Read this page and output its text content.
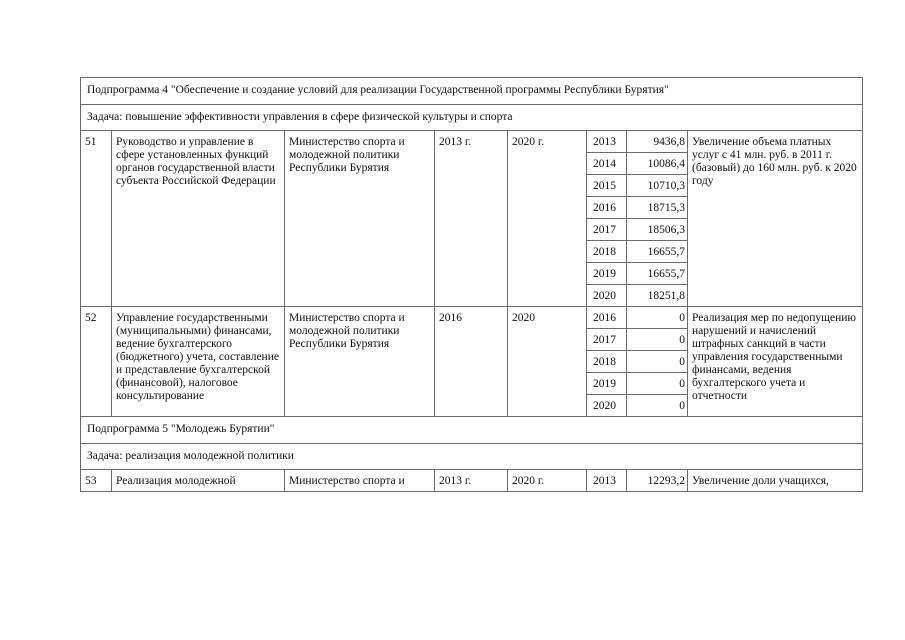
Подпрограмма 4 "Обеспечение и создание условий для реализации Государственной программы Республики Бурятия"							
Задача: повышение эффективности управления в сфере физической культуры и спорта							
51	Руководство и управление в сфере установленных функций органов государственной власти субъекта Российской Федерации	Министерство спорта и молодежной политики Республики Бурятия	2013 г.	2020 г.	2013	9436,8	Увеличение объема платных услуг с 41 млн. руб. в 2011 г. (базовый) до 160 млн. руб. к 2020 году
					2014	10086,4	
					2015	10710,3	
					2016	18715,3	
					2017	18506,3	
					2018	16655,7	
					2019	16655,7	
					2020	18251,8	
52	Управление государственными (муниципальными) финансами, ведение бухгалтерского (бюджетного) учета, составление и представление бухгалтерской (финансовой), налоговое консультирование	Министерство спорта и молодежной политики Республики Бурятия	2016	2020	2016	0	Реализация мер по недопущению нарушений и начислений штрафных санкций в части управления государственными финансами, ведения бухгалтерского учета и отчетности
					2017	0	
					2018	0	
					2019	0	
					2020	0	
Подпрограмма 5 "Молодежь Бурятии"							
Задача: реализация молодежной политики							
53	Реализация молодежной	Министерство спорта и	2013 г.	2020 г.	2013	12293,2	Увеличение доли учащихся,
